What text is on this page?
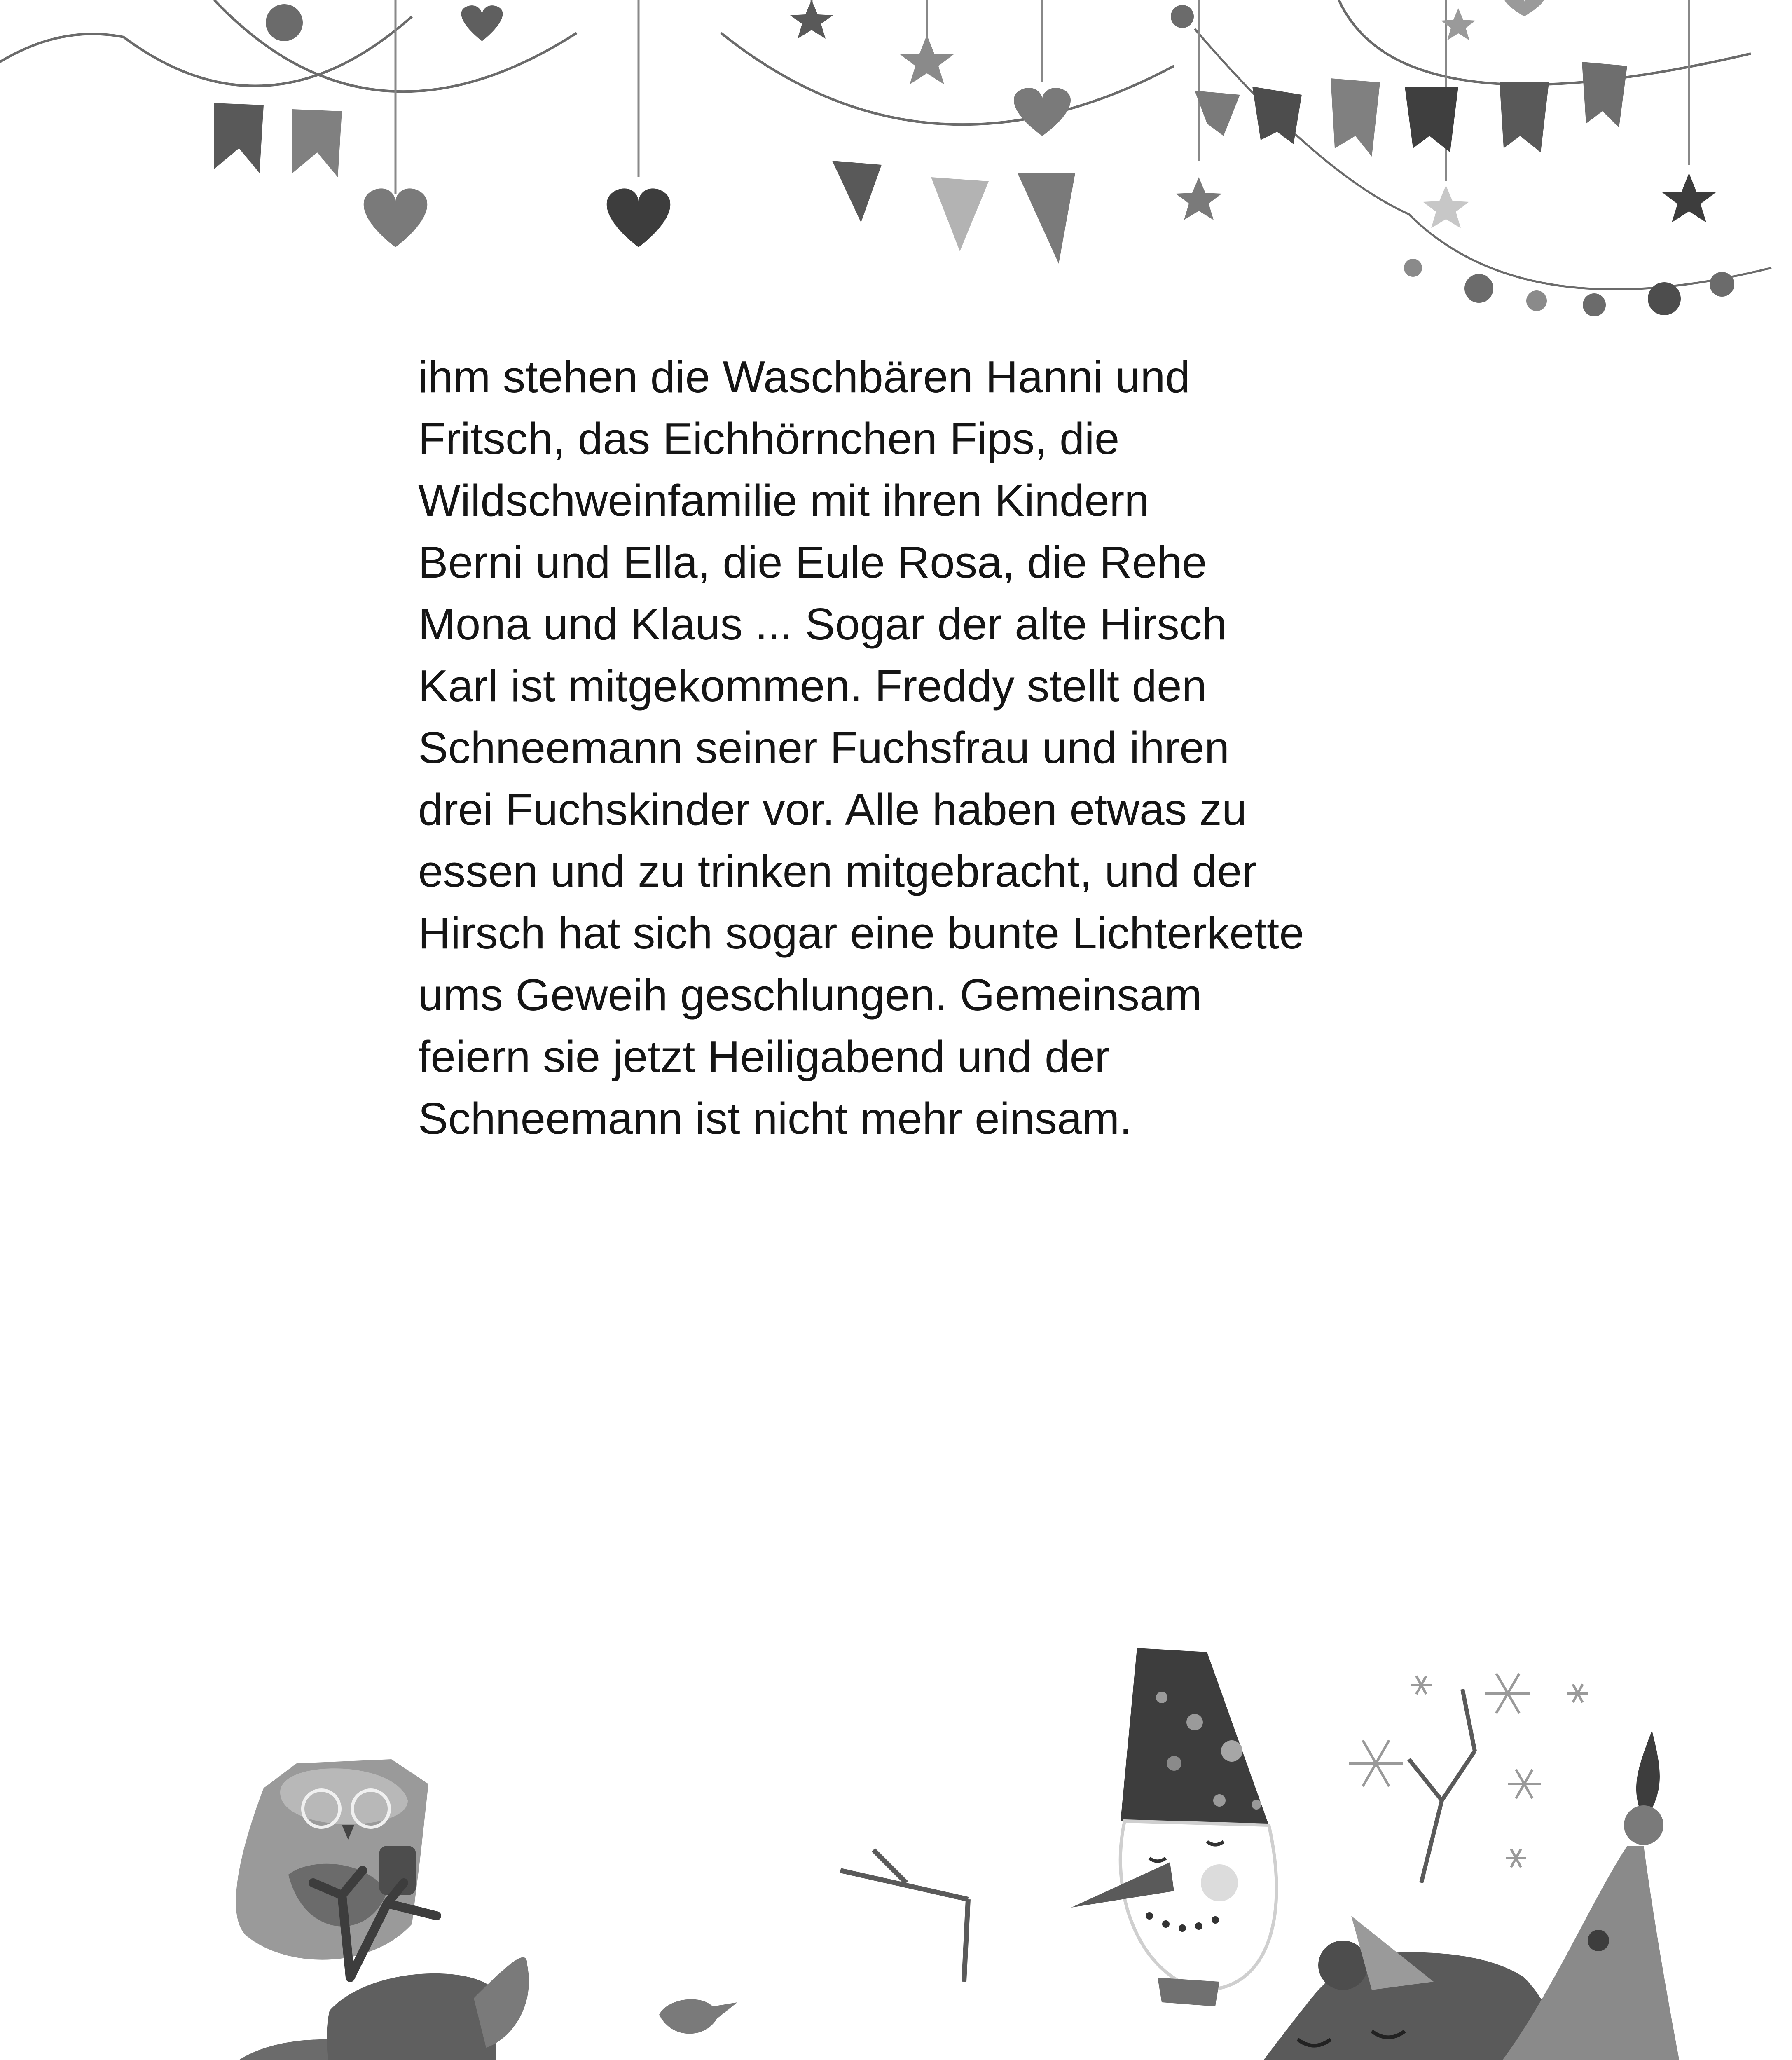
ihm stehen die Waschbären Hanni und
Fritsch, das Eichhörnchen Fips, die
Wildschweinfamilie mit ihren Kindern
Berni und Ella, die Eule Rosa, die Rehe
Mona und Klaus ... Sogar der alte Hirsch
Karl ist mitgekommen. Freddy stellt den
Schneemann seiner Fuchsfrau und ihren
drei Fuchskinder vor. Alle haben etwas zu
essen und zu trinken mitgebracht, und der
Hirsch hat sich sogar eine bunte Lichterkette
ums Geweih geschlungen. Gemeinsam
feiern sie jetzt Heiligabend und der
Schneemann ist nicht mehr einsam.
